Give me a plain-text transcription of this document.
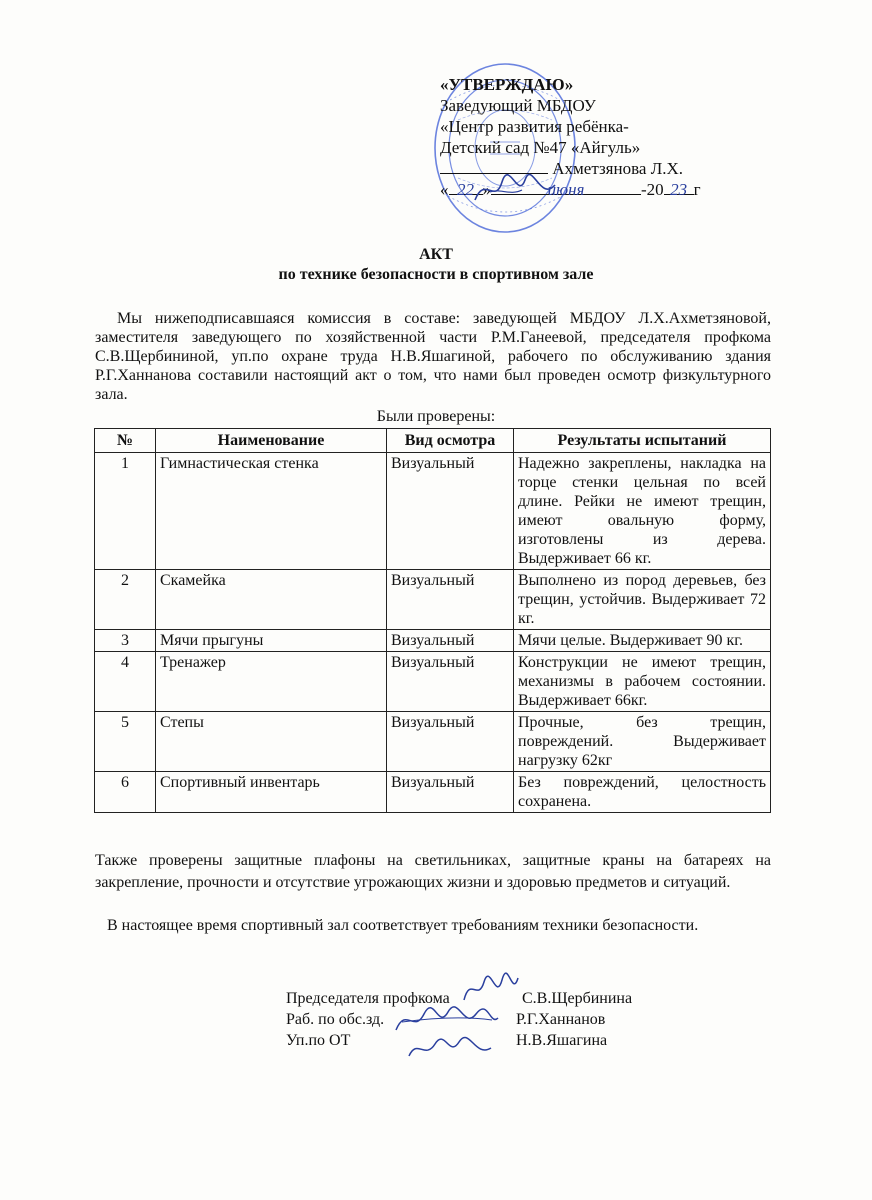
«УТВЕРЖДАЮ»
Заведующий МБДОУ
«Центр развития ребёнка-
Детский сад №47 «Айгуль»
Ахметзянова Л.Х.
« 22 »	июня	-20 23 г
АКТ
по технике безопасности в спортивном зале
Мы нижеподписавшаяся комиссия в составе: заведующей МБДОУ Л.Х.Ахметзяновой, заместителя заведующего по хозяйственной части Р.М.Ганеевой, председателя профкома С.В.Щербининой, уп.по охране труда Н.В.Яшагиной, рабочего по обслуживанию здания Р.Г.Ханнанова составили настоящий акт о том, что нами был проведен осмотр физкультурного зала.
Были проверены:
№	Наименование	Вид осмотра	Результаты испытаний
1	Гимнастическая стенка	Визуальный	Надежно закреплены, накладка на торце стенки цельная по всей длине. Рейки не имеют трещин, имеют овальную форму, изготовлены из дерева. Выдерживает 66 кг.
2	Скамейка	Визуальный	Выполнено из пород деревьев, без трещин, устойчив. Выдерживает 72 кг.
3	Мячи прыгуны	Визуальный	Мячи целые. Выдерживает 90 кг.
4	Тренажер	Визуальный	Конструкции не имеют трещин, механизмы в рабочем состоянии. Выдерживает 66кг.
5	Степы	Визуальный	Прочные, без трещин, повреждений. Выдерживает нагрузку 62кг
6	Спортивный инвентарь	Визуальный	Без повреждений, целостность сохранена.
Также проверены защитные плафоны на светильниках, защитные краны на батареях на закрепление, прочности и отсутствие угрожающих жизни и здоровью предметов и ситуаций.
В настоящее время спортивный зал соответствует требованиям техники безопасности.
Председателя профкома	С.В.Щербинина
Раб. по обс.зд.	Р.Г.Ханнанов
Уп.по ОТ	Н.В.Яшагина
